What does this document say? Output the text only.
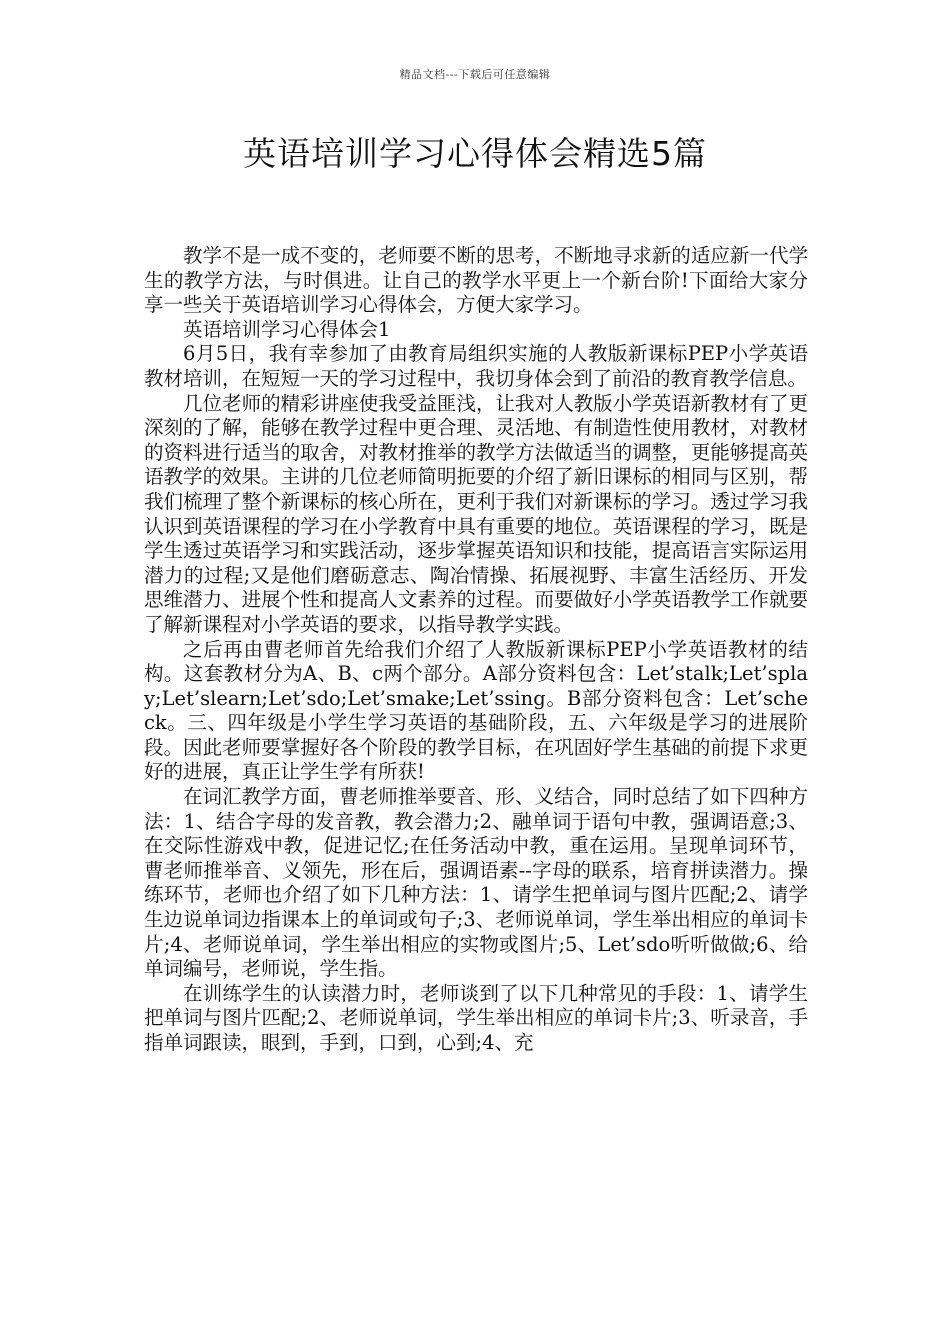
精品文档---下载后可任意编辑
英语培训学习心得体会精选5篇

教学不是一成不变的，老师要不断的思考，不断地寻求新的适应新一代学生的教学方法，与时俱进。让自己的教学水平更上一个新台阶!下面给大家分享一些关于英语培训学习心得体会，方便大家学习。

英语培训学习心得体会1

6月5日，我有幸参加了由教育局组织实施的人教版新课标PEP小学英语教材培训，在短短一天的学习过程中，我切身体会到了前沿的教育教学信息。

几位老师的精彩讲座使我受益匪浅，让我对人教版小学英语新教材有了更深刻的了解，能够在教学过程中更合理、灵活地、有制造性使用教材，对教材的资料进行适当的取舍，对教材推举的教学方法做适当的调整，更能够提高英语教学的效果。主讲的几位老师简明扼要的介绍了新旧课标的相同与区别，帮我们梳理了整个新课标的核心所在，更利于我们对新课标的学习。透过学习我认识到英语课程的学习在小学教育中具有重要的地位。英语课程的学习，既是学生透过英语学习和实践活动，逐步掌握英语知识和技能，提高语言实际运用潜力的过程;又是他们磨砺意志、陶冶情操、拓展视野、丰富生活经历、开发思维潜力、进展个性和提高人文素养的过程。而要做好小学英语教学工作就要了解新课程对小学英语的要求，以指导教学实践。

之后再由曹老师首先给我们介绍了人教版新课标PEP小学英语教材的结构。这套教材分为A、B、c两个部分。A部分资料包含：Let’stalk;Let’splay;Let’slearn;Let’sdo;Let’smake;Let’ssing。B部分资料包含：Let’scheck。三、四年级是小学生学习英语的基础阶段，五、六年级是学习的进展阶段。因此老师要掌握好各个阶段的教学目标，在巩固好学生基础的前提下求更好的进展，真正让学生学有所获!

在词汇教学方面，曹老师推举要音、形、义结合，同时总结了如下四种方法：1、结合字母的发音教，教会潜力;2、融单词于语句中教，强调语意;3、在交际性游戏中教，促进记忆;在任务活动中教，重在运用。呈现单词环节，曹老师推举音、义领先，形在后，强调语素--字母的联系，培育拼读潜力。操练环节，老师也介绍了如下几种方法：1、请学生把单词与图片匹配;2、请学生边说单词边指课本上的单词或句子;3、老师说单词，学生举出相应的单词卡片;4、老师说单词，学生举出相应的实物或图片;5、Let’sdo听听做做;6、给单词编号，老师说，学生指。

在训练学生的认读潜力时，老师谈到了以下几种常见的手段：1、请学生把单词与图片匹配;2、老师说单词，学生举出相应的单词卡片;3、听录音，手指单词跟读，眼到，手到，口到，心到;4、充
